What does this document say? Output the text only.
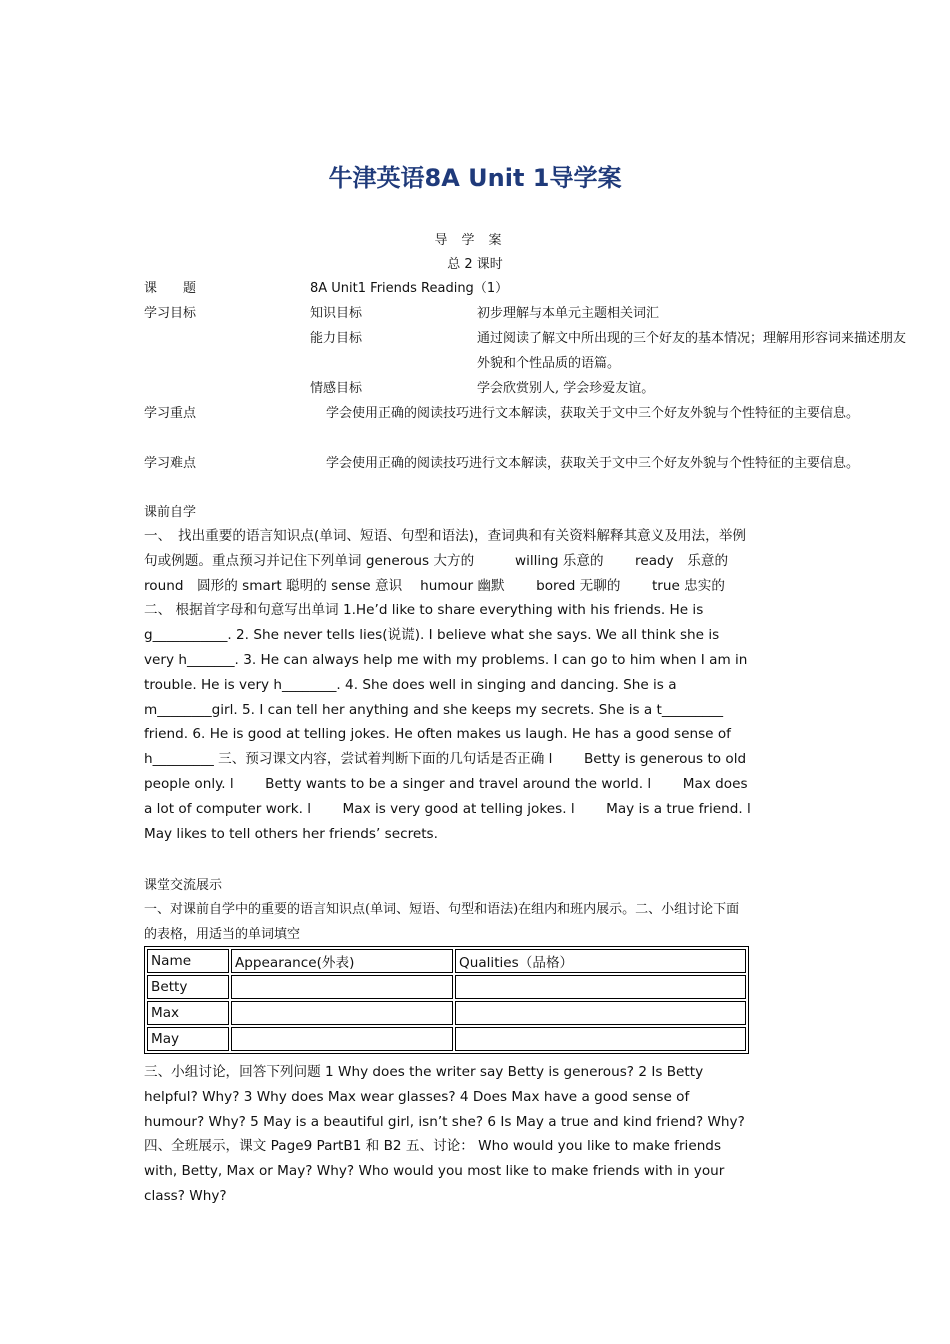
牛津英语8A Unit 1导学案
导学案
总 2 课时
课　　题	8A Unit1 Friends Reading（1）
学习目标	知识目标	初步理解与本单元主题相关词汇
能力目标	通过阅读了解文中所出现的三个好友的基本情况；理解用形容词来描述朋友外貌和个性品质的语篇。
情感目标	学会欣赏别人, 学会珍爱友谊。
学习重点	学会使用正确的阅读技巧进行文本解读，获取关于文中三个好友外貌与个性特征的主要信息。
学习难点	学会使用正确的阅读技巧进行文本解读，获取关于文中三个好友外貌与个性特征的主要信息。
课前自学
一、　找出重要的语言知识点(单词、短语、句型和语法)，查词典和有关资料解释其意义及用法，举例句或例题。重点预习并记住下列单词 generous 大方的　　　willing 乐意的　　 ready　乐意的　　　round　圆形的 smart 聪明的 sense 意识　 humour 幽默　　 bored 无聊的　　 true 忠实的二、 根据首字母和句意写出单词 1.He’d like to share everything with his friends. He is g___________. 2. She never tells lies(说谎). I believe what she says. We all think she is very h_______. 3. He can always help me with my problems. I can go to him when I am in trouble. He is very h________. 4. She does well in singing and dancing. She is a m________girl. 5. I can tell her anything and she keeps my secrets. She is a t_________ friend. 6. He is good at telling jokes. He often makes us laugh. He has a good sense of h_________ 三、预习课文内容，尝试着判断下面的几句话是否正确 l　　 Betty is generous to old people only. l　　 Betty wants to be a singer and travel around the world. l　　 Max does a lot of computer work. l　　 Max is very good at telling jokes. l　　 May is a true friend. l　　 May likes to tell others her friends’ secrets.
课堂交流展示
一、对课前自学中的重要的语言知识点(单词、短语、句型和语法)在组内和班内展示。二、小组讨论下面的表格，用适当的单词填空
Name	Appearance(外表)	Qualities（品格）
Betty		
Max		
May		
三、小组讨论，回答下列问题 1 Why does the writer say Betty is generous? 2 Is Betty helpful? Why? 3 Why does Max wear glasses? 4 Does Max have a good sense of humour? Why? 5 May is a beautiful girl, isn’t she? 6 Is May a true and kind friend? Why?　 四、全班展示，课文 Page9 PartB1 和 B2 五、讨论： Who would you like to make friends with, Betty, Max or May? Why? Who would you most like to make friends with in your class? Why?
